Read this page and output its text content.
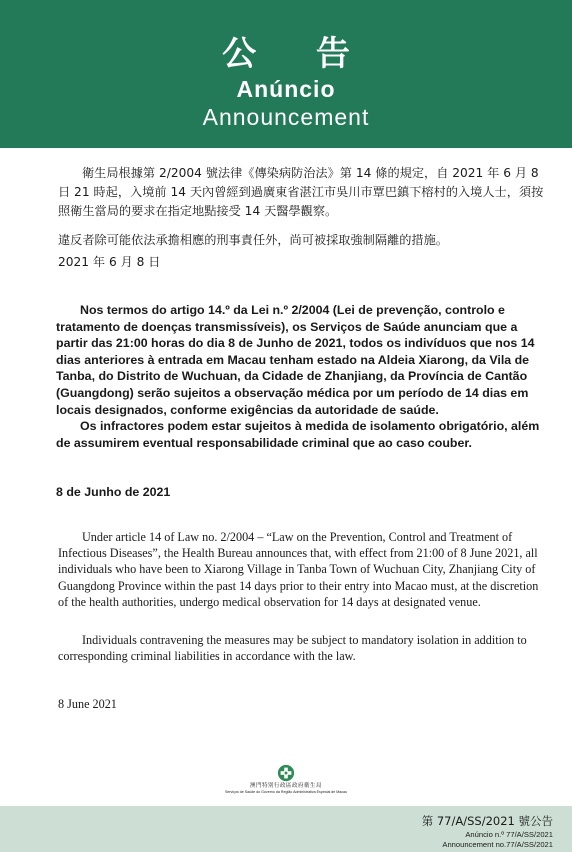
公 告
Anúncio
Announcement

衛生局根據第 2/2004 號法律《傳染病防治法》第 14 條的規定，自 2021 年 6 月 8 日 21 時起，入境前 14 天內曾經到過廣東省湛江市吳川市覃巴鎮下榕村的入境人士，須按照衛生當局的要求在指定地點接受 14 天醫學觀察。

違反者除可能依法承擔相應的刑事責任外，尚可被採取強制隔離的措施。

2021 年 6 月 8 日

Nos termos do artigo 14.º da Lei n.º 2/2004 (Lei de prevenção, controlo e tratamento de doenças transmissíveis), os Serviços de Saúde anunciam que a partir das 21:00 horas do dia 8 de Junho de 2021, todos os indivíduos que nos 14 dias anteriores à entrada em Macau tenham estado na Aldeia Xiarong, da Vila de Tanba, do Distrito de Wuchuan, da Cidade de Zhanjiang, da Província de Cantão (Guangdong) serão sujeitos a observação médica por um período de 14 dias em locais designados, conforme exigências da autoridade de saúde.
Os infractores podem estar sujeitos à medida de isolamento obrigatório, além de assumirem eventual responsabilidade criminal que ao caso couber.
8 de Junho de 2021
Under article 14 of Law no. 2/2004 – “Law on the Prevention, Control and Treatment of Infectious Diseases”, the Health Bureau announces that, with effect from 21:00 of 8 June 2021, all individuals who have been to Xiarong Village in Tanba Town of Wuchuan City, Zhanjiang City of Guangdong Province within the past 14 days prior to their entry into Macao must, at the discretion of the health authorities, undergo medical observation for 14 days at designated venue.
Individuals contravening the measures may be subject to mandatory isolation in addition to corresponding criminal liabilities in accordance with the law.
8 June 2021
澳門特別行政區政府衛生局
Serviços de Saúde do Governo da Região Administrativa Especial de Macau
第 77/A/SS/2021 號公告
Anúncio n.º 77/A/SS/2021
Announcement no.77/A/SS/2021
